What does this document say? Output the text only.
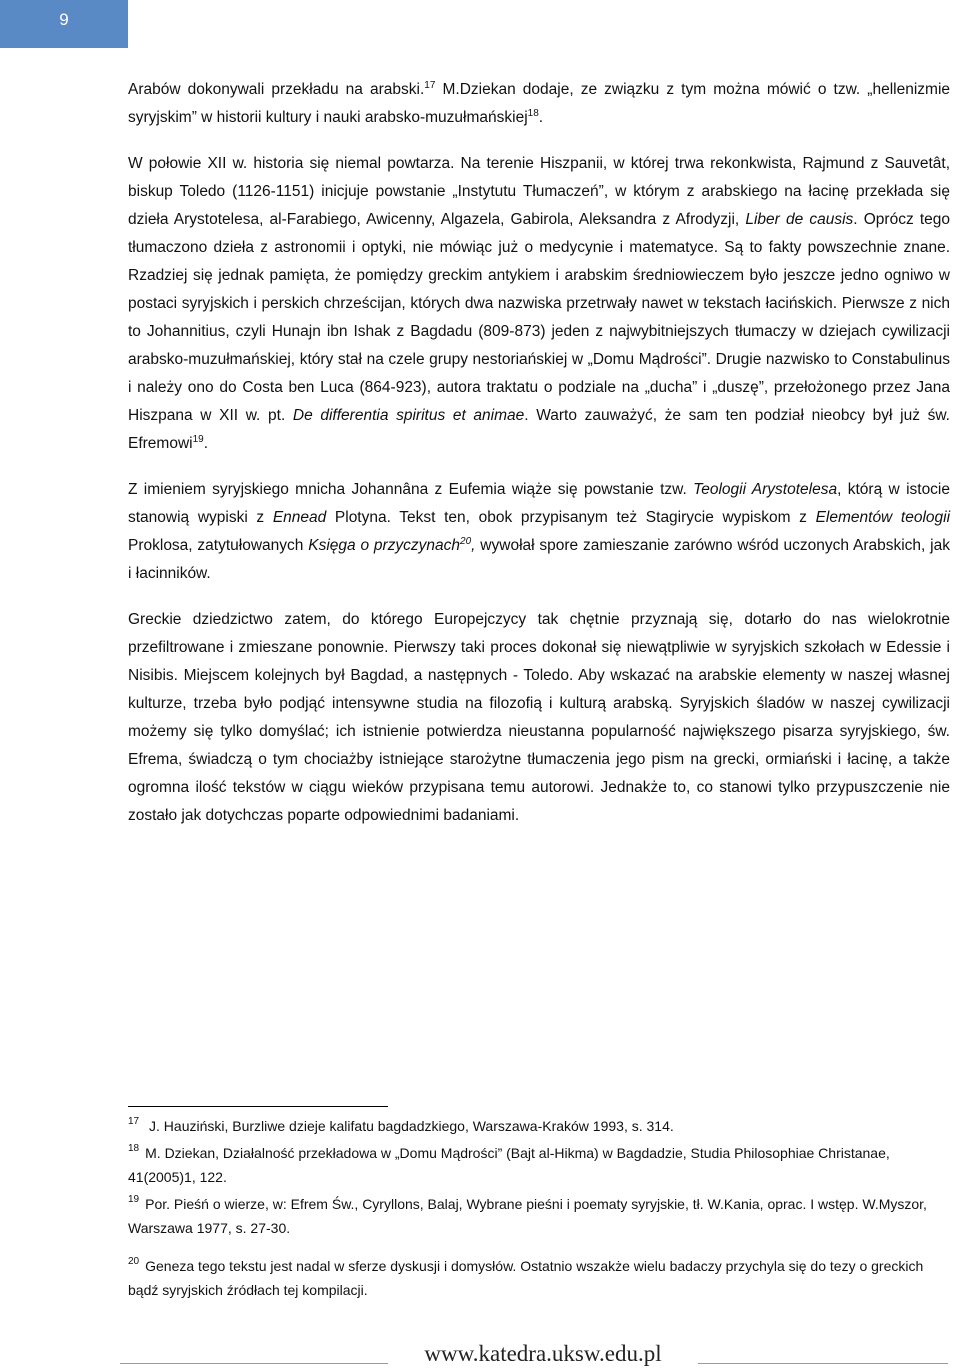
9

Arabów dokonywali przekładu na arabski.$^{17}$ M.Dziekan dodaje, ze związku z tym można mówić o tzw. „hellenizmie syryjskim” w historii kultury i nauki arabsko-muzułmańskiej$^{18}$.

W połowie XII w. historia się niemal powtarza. Na terenie Hiszpanii, w której trwa rekonkwista, Rajmund z Sauvetât, biskup Toledo (1126-1151) inicjuje powstanie „Instytutu Tłumaczeń”, w którym z arabskiego na łacinę przekłada się dzieła Arystotelesa, al-Farabiego, Awicenny, Algazela, Gabirola, Aleksandra z Afrodyzji, Liber de causis. Oprócz tego tłumaczono dzieła z astronomii i optyki, nie mówiąc już o medycynie i matematyce. Są to fakty powszechnie znane. Rzadziej się jednak pamięta, że pomiędzy greckim antykiem i arabskim średniowieczem było jeszcze jedno ogniwo w postaci syryjskich i perskich chrześcijan, których dwa nazwiska przetrwały nawet w tekstach łacińskich. Pierwsze z nich to Johannitius, czyli Hunajn ibn Ishak z Bagdadu (809-873) jeden z najwybitniejszych tłumaczy w dziejach cywilizacji arabsko-muzułmańskiej, który stał na czele grupy nestoriańskiej w „Domu Mądrości”. Drugie nazwisko to Constabulinus i należy ono do Costa ben Luca (864-923), autora traktatu o podziale na „ducha” i „duszę”, przełożonego przez Jana Hiszpana w XII w. pt. De differentia spiritus et animae. Warto zauważyć, że sam ten podział nieobcy był już św. Efremowi$^{19}$.

Z imieniem syryjskiego mnicha Johannâna z Eufemia wiąże się powstanie tzw. Teologii Arystotelesa, którą w istocie stanowią wypiski z Ennead Plotyna. Tekst ten, obok przypisanym też Stagirycie wypiskom z Elementów teologii Proklosa, zatytułowanych Księga o przyczynach$^{20}$, wywołał spore zamieszanie zarówno wśród uczonych Arabskich, jak i łacinników.

Greckie dziedzictwo zatem, do którego Europejczycy tak chętnie przyznają się, dotarło do nas wielokrotnie przefiltrowane i zmieszane ponownie. Pierwszy taki proces dokonał się niewątpliwie w syryjskich szkołach w Edessie i Nisibis. Miejscem kolejnych był Bagdad, a następnych - Toledo. Aby wskazać na arabskie elementy w naszej własnej kulturze, trzeba było podjąć intensywne studia na filozofią i kulturą arabską. Syryjskich śladów w naszej cywilizacji możemy się tylko domyślać; ich istnienie potwierdza nieustanna popularność największego pisarza syryjskiego, św. Efrema, świadczą o tym chociażby istniejące starożytne tłumaczenia jego pism na grecki, ormiański i łacinę, a także ogromna ilość tekstów w ciągu wieków przypisana temu autorowi. Jednakże to, co stanowi tylko przypuszczenie nie zostało jak dotychczas poparte odpowiednimi badaniami.

$^{17}$ J. Hauziński, Burzliwe dzieje kalifatu bagdadzkiego, Warszawa-Kraków 1993, s. 314.
$^{18}$ M. Dziekan, Działalność przekładowa w „Domu Mądrości” (Bajt al-Hikma) w Bagdadzie, Studia Philosophiae Christanae, 41(2005)1, 122.
$^{19}$ Por. Pieśń o wierze, w: Efrem Św., Cyryllons, Balaj, Wybrane pieśni i poematy syryjskie, tł. W.Kania, oprac. I wstęp. W.Myszor, Warszawa 1977, s. 27-30.
$^{20}$ Geneza tego tekstu jest nadal w sferze dyskusji i domysłów. Ostatnio wszakże wielu badaczy przychyla się do tezy o greckich bądź syryjskich źródłach tej kompilacji.
www.katedra.uksw.edu.pl
